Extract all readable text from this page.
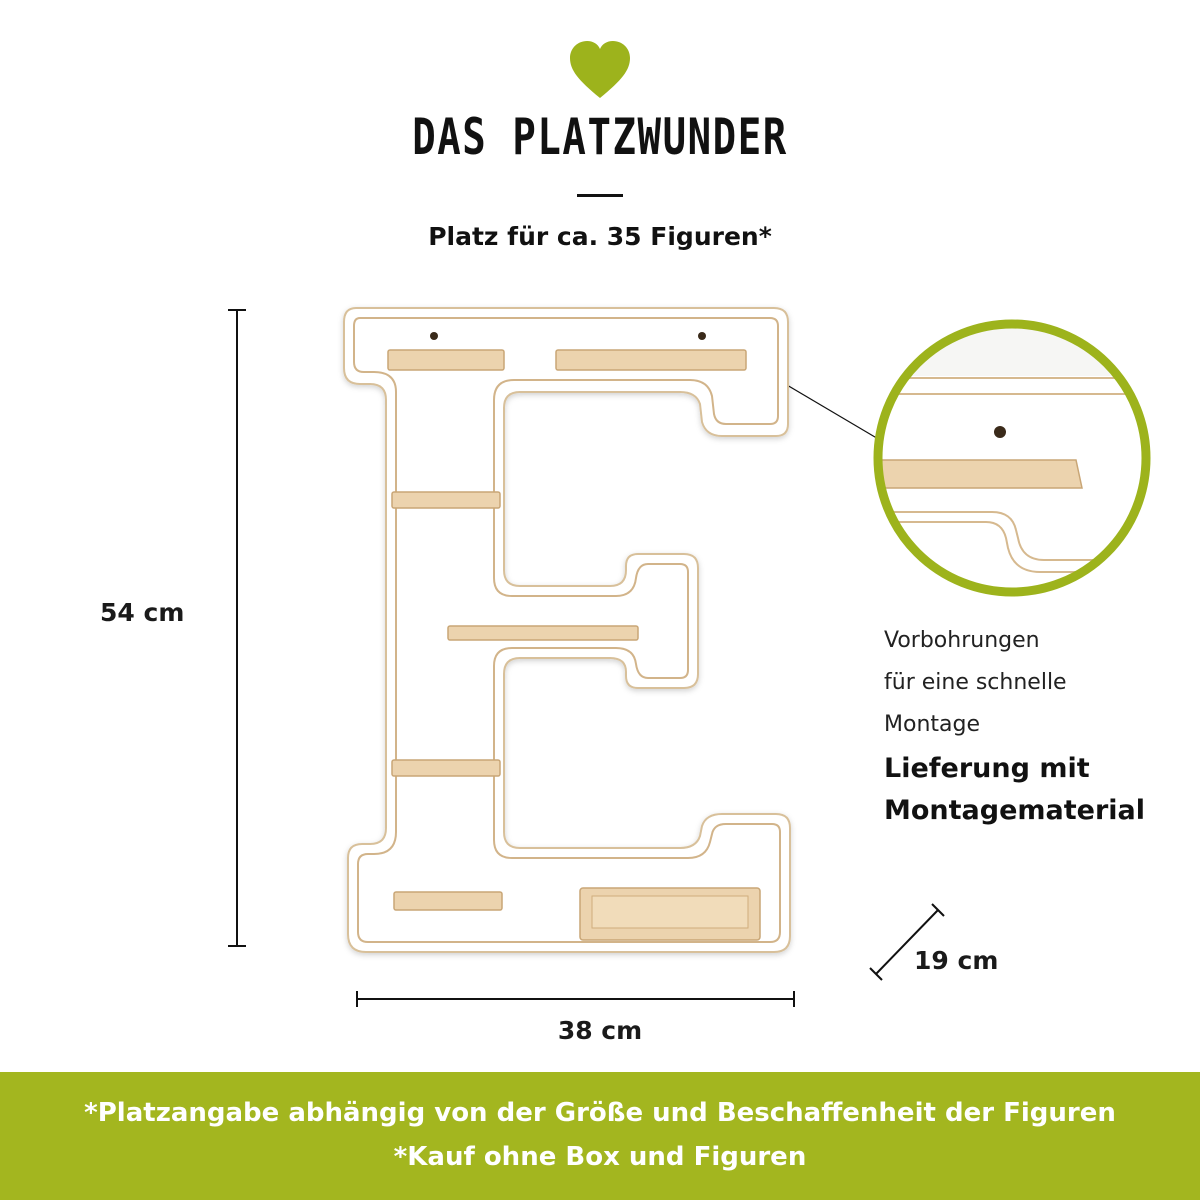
DAS PLATZWUNDER
Platz für ca. 35 Figuren*
54 cm
38 cm
19 cm
Vorbohrungen
für eine schnelle
Montage
Lieferung mit
Montagematerial
*Platzangabe abhängig von der Größe und Beschaffenheit der Figuren
*Kauf ohne Box und Figuren
